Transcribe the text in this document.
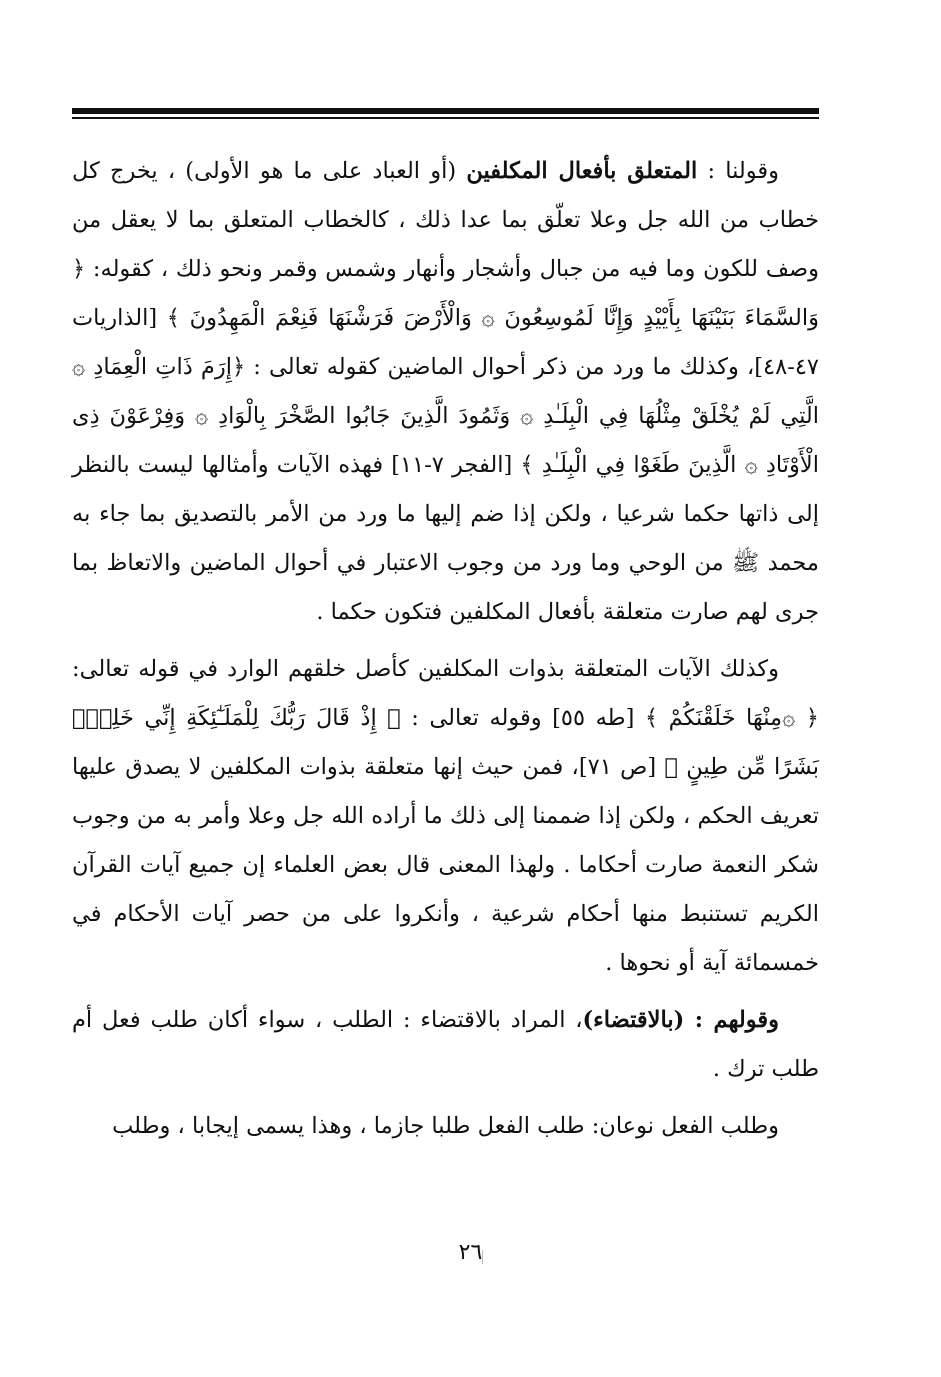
وقولنا : المتعلق بأفعال المكلفين (أو العباد على ما هو الأولى) ، يخرج كل خطاب من الله جل وعلا تعلّق بما عدا ذلك ، كالخطاب المتعلق بما لا يعقل من وصف للكون وما فيه من جبال وأشجار وأنهار وشمس وقمر ونحو ذلك ، كقوله: ﴿ وَالسَّمَاءَ بَنَيْنَهَا بِأَيْيْدٍ وَإِنَّا لَمُوسِعُونَ ۞ وَالْأَرْضَ فَرَشْنَهَا فَنِعْمَ الْمَهِدُونَ ﴾ [الذاريات ٤٧-٤٨]، وكذلك ما ورد من ذكر أحوال الماضين كقوله تعالى : ﴿إِرَمَ ذَاتِ الْعِمَادِ ۞ الَّتِي لَمْ يُخْلَقْ مِثْلُهَا فِي الْبِلَـٰدِ ۞ وَثَمُودَ الَّذِينَ جَابُوا الصَّخْرَ بِالْوَادِ ۞ وَفِرْعَوْنَ ذِى الْأَوْتَادِ ۞ الَّذِينَ طَغَوْا فِي الْبِلَـٰدِ ﴾ [الفجر ٧-١١] فهذه الآيات وأمثالها ليست بالنظر إلى ذاتها حكما شرعيا ، ولكن إذا ضم إليها ما ورد من الأمر بالتصديق بما جاء به محمد ﷺ من الوحي وما ورد من وجوب الاعتبار في أحوال الماضين والاتعاظ بما جرى لهم صارت متعلقة بأفعال المكلفين فتكون حكما .

وكذلك الآيات المتعلقة بذوات المكلفين كأصل خلقهم الوارد في قوله تعالى: ﴿ ۞مِنْهَا خَلَقْنَكُمْ ﴾ [طه ٥٥] وقوله تعالى : ﴿ إِذْ قَالَ رَبُّكَ لِلْمَلَـٰٓئِكَةِ إِنِّي خَلِقٌۢ بَشَرًا مِّن طِينٍ ﴾ [ص ٧١]، فمن حيث إنها متعلقة بذوات المكلفين لا يصدق عليها تعريف الحكم ، ولكن إذا ضممنا إلى ذلك ما أراده الله جل وعلا وأمر به من وجوب شكر النعمة صارت أحكاما . ولهذا المعنى قال بعض العلماء إن جميع آيات القرآن الكريم تستنبط منها أحكام شرعية ، وأنكروا على من حصر آيات الأحكام في خمسمائة آية أو نحوها .

وقولهم : (بالاقتضاء)، المراد بالاقتضاء : الطلب ، سواء أكان طلب فعل أم طلب ترك .

وطلب الفعل نوعان: طلب الفعل طلبا جازما ، وهذا يسمى إيجابا ، وطلب

٢٦
